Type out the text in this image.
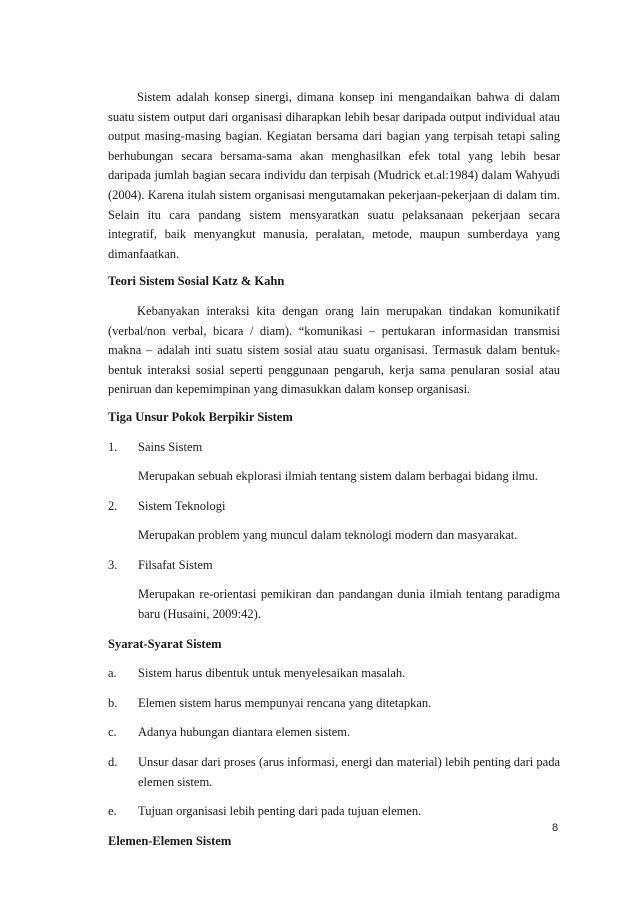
Sistem adalah konsep sinergi, dimana konsep ini mengandaikan bahwa di dalam suatu sistem output dari organisasi diharapkan lebih besar daripada output individual atau output masing-masing bagian. Kegiatan bersama dari bagian yang terpisah tetapi saling berhubungan secara bersama-sama akan menghasilkan efek total yang lebih besar daripada jumlah bagian secara individu dan terpisah (Mudrick et.al:1984) dalam Wahyudi (2004). Karena itulah sistem organisasi mengutamakan pekerjaan-pekerjaan di dalam tim. Selain itu cara pandang sistem mensyaratkan suatu pelaksanaan pekerjaan secara integratif, baik menyangkut manusia, peralatan, metode, maupun sumberdaya yang dimanfaatkan.

Teori Sistem Sosial Katz & Kahn

Kebanyakan interaksi kita dengan orang lain merupakan tindakan komunikatif (verbal/non verbal, bicara / diam). “komunikasi – pertukaran informasidan transmisi makna – adalah inti suatu sistem sosial atau suatu organisasi. Termasuk dalam bentuk-bentuk interaksi sosial seperti penggunaan pengaruh, kerja sama penularan sosial atau peniruan dan kepemimpinan yang dimasukkan dalam konsep organisasi.

Tiga Unsur Pokok Berpikir Sistem
1.	Sains Sistem

Merupakan sebuah ekplorasi ilmiah tentang sistem dalam berbagai bidang ilmu.

2.	Sistem Teknologi

Merupakan problem yang muncul dalam teknologi modern dan masyarakat.

3.	Filsafat Sistem

Merupakan re-orientasi pemikiran dan pandangan dunia ilmiah tentang paradigma baru (Husaini, 2009:42).

Syarat-Syarat Sistem
a.	Sistem harus dibentuk untuk menyelesaikan masalah.
b.	Elemen sistem harus mempunyai rencana yang ditetapkan.
c.	Adanya hubungan diantara elemen sistem.
d.	Unsur dasar dari proses (arus informasi, energi dan material) lebih penting dari pada elemen sistem.
e.	Tujuan organisasi lebih penting dari pada tujuan elemen.
Elemen-Elemen Sistem
8
